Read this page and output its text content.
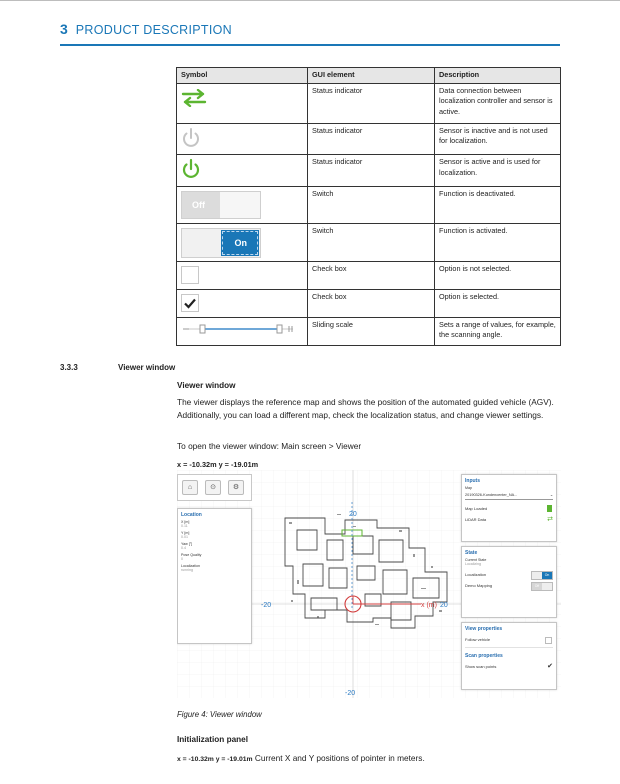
3 PRODUCT DESCRIPTION
Symbol	GUI element	Description
	Status indicator	Data connection between localization controller and sensor is active.
	Status indicator	Sensor is inactive and is not used for localization.
	Status indicator	Sensor is active and is used for localization.

Off	Switch	Function is deactivated.

On	Switch	Function is activated.

	Check box	Option is not selected.

	Check box	Option is selected.
	Sliding scale	Sets a range of values, for example, the scanning angle.
3.3.3	Viewer window
Viewer window
The viewer displays the reference map and shows the position of the automated guided vehicle (AGV). Additionally, you can load a different map, check the localization status, and change viewer settings.
To open the viewer window: Main screen > Viewer
x = -10.32m y = -19.01m
20
-20
-20
x (m) 20
⌂	⊙	⚙
Location
X [m]
0.11
Y [m]
0.01
Yaw [°]
0.4
Pose Quality
0
Localization
running
Inputs
Map
20190326-Kundencenter_NA...	⌄
Map Loaded
LiDAR Data	⇄
State
Current State
Localizing
Localization	On
Demo Mapping	Off
View properties
Follow vehicle
Scan properties
Show scan points	✔
Figure 4: Viewer window
Initialization panel
x = -10.32m y = -19.01m Current X and Y positions of pointer in meters.
